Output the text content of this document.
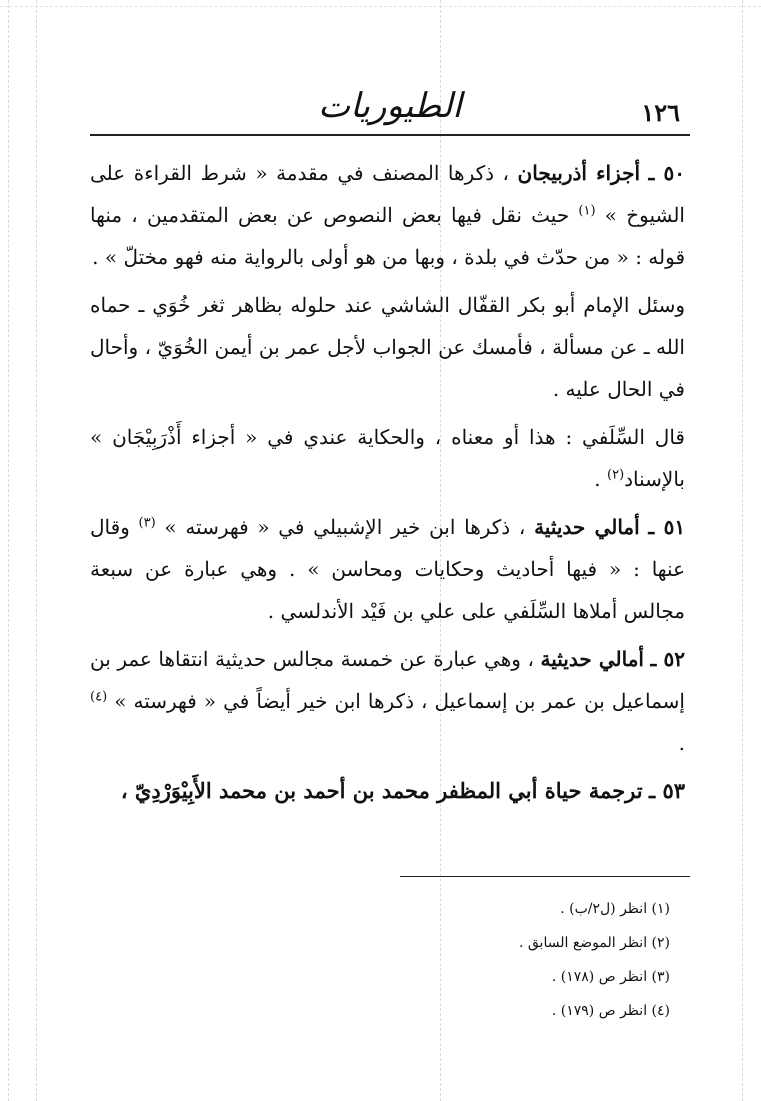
الطيوريات	١٢٦

٥٠ ـ أجزاء أذربيجان ، ذكرها المصنف في مقدمة « شرط القراءة على الشيوخ » $^{(١)}$ حيث نقل فيها بعض النصوص عن بعض المتقدمين ، منها قوله : « من حدّث في بلدة ، وبها من هو أولى بالرواية منه فهو مختلّ » .

وسئل الإمام أبو بكر القفّال الشاشي عند حلوله بظاهر ثغر خُوَي ـ حماه الله ـ عن مسألة ، فأمسك عن الجواب لأجل عمر بن أيمن الخُوَيّ ، وأحال في الحال عليه .

قال السِّلَفي : هذا أو معناه ، والحكاية عندي في « أجزاء أَذْرَبِيْجَان » بالإسناد$^{(٢)}$ .

٥١ ـ أمالي حديثية ، ذكرها ابن خير الإشبيلي في « فهرسته » $^{(٣)}$ وقال عنها : « فيها أحاديث وحكايات ومحاسن » . وهي عبارة عن سبعة مجالس أملاها السِّلَفي على علي بن فَيْد الأندلسي .

٥٢ ـ أمالي حديثية ، وهي عبارة عن خمسة مجالس حديثية انتقاها عمر بن إسماعيل بن عمر بن إسماعيل ، ذكرها ابن خير أيضاً في « فهرسته » $^{(٤)}$ .

٥٣ ـ ترجمة حياة أبي المظفر محمد بن أحمد بن محمد الأَبِيْوَرْدِيّ ،

(١) انظر (ل٢/ب) .
(٢) انظر الموضع السابق .
(٣) انظر ص (١٧٨) .
(٤) انظر ص (١٧٩) .
